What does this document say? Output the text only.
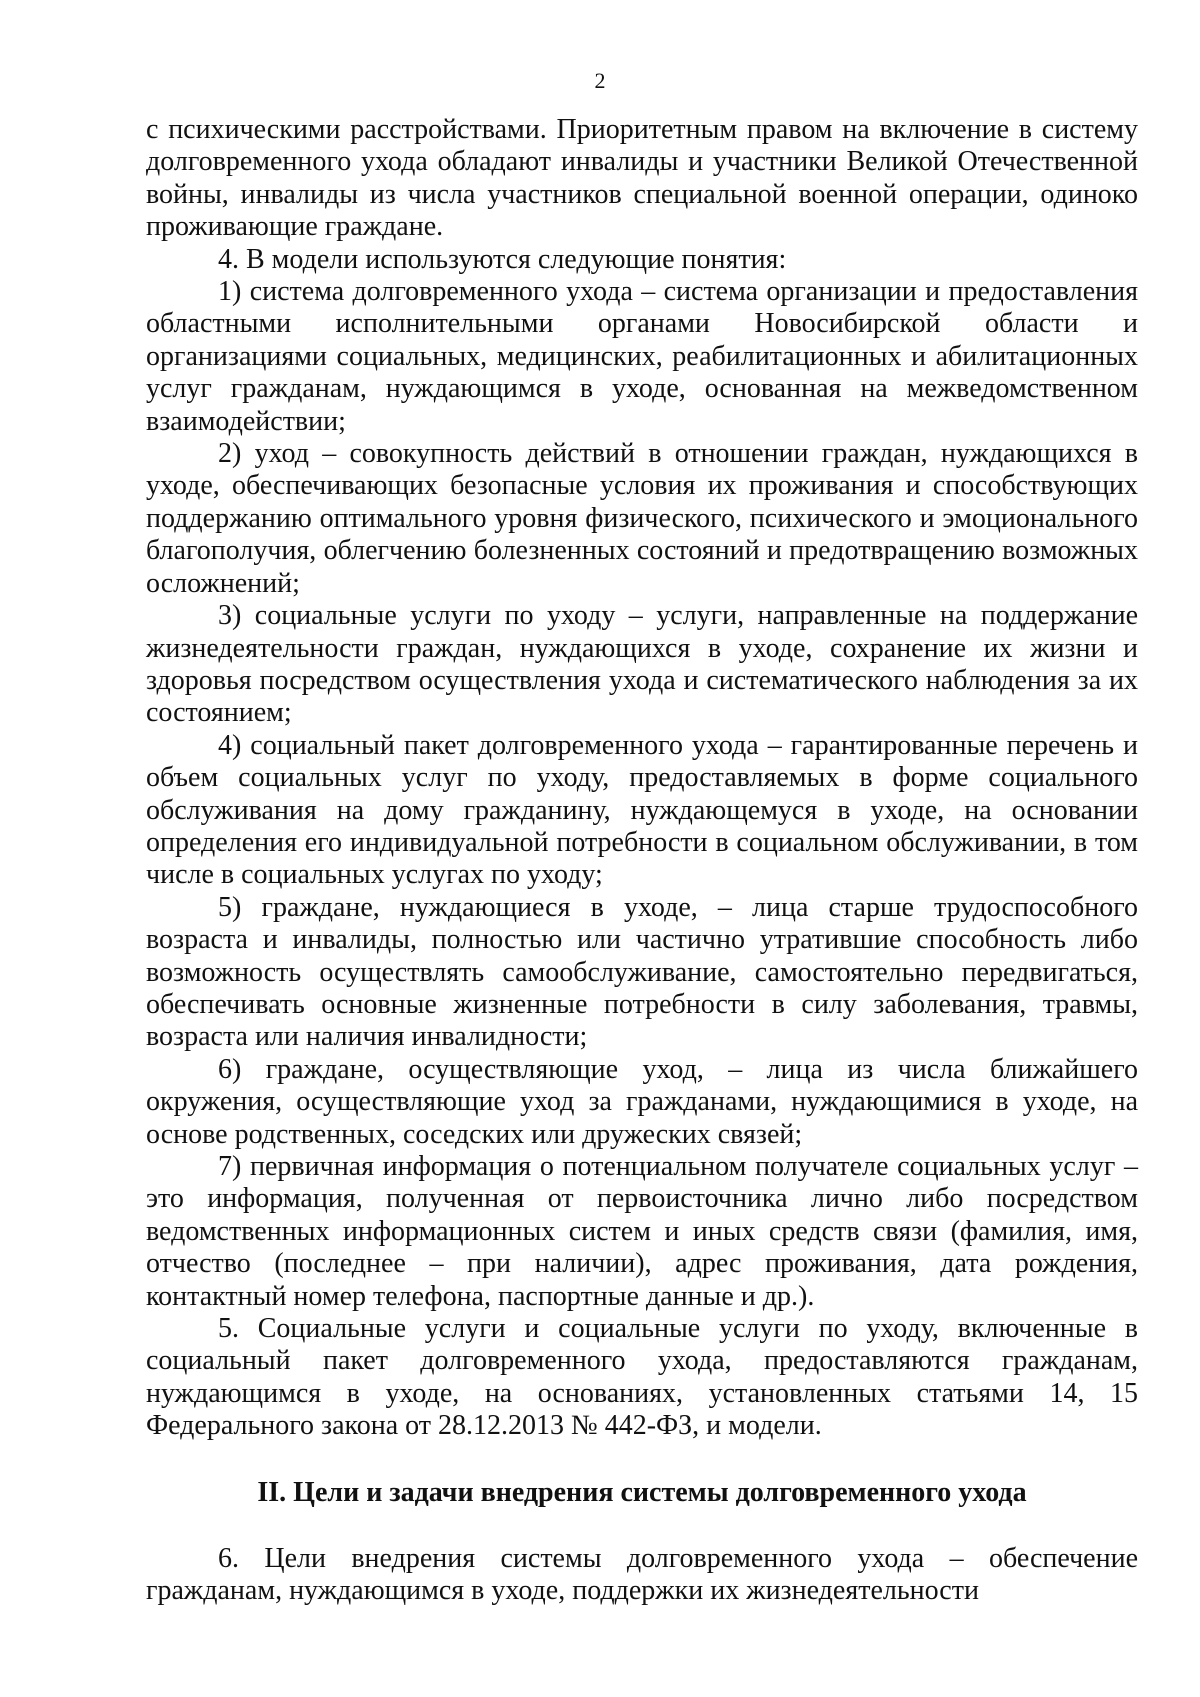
2

с психическими расстройствами. Приоритетным правом на включение в систему долговременного ухода обладают инвалиды и участники Великой Отечественной войны, инвалиды из числа участников специальной военной операции, одиноко проживающие граждане.

4. В модели используются следующие понятия:

1) система долговременного ухода – система организации и предоставления областными исполнительными органами Новосибирской области и организациями социальных, медицинских, реабилитационных и абилитационных услуг гражданам, нуждающимся в уходе, основанная на межведомственном взаимодействии;

2) уход – совокупность действий в отношении граждан, нуждающихся в уходе, обеспечивающих безопасные условия их проживания и способствующих поддержанию оптимального уровня физического, психического и эмоционального благополучия, облегчению болезненных состояний и предотвращению возможных осложнений;

3) социальные услуги по уходу – услуги, направленные на поддержание жизнедеятельности граждан, нуждающихся в уходе, сохранение их жизни и здоровья посредством осуществления ухода и систематического наблюдения за их состоянием;

4) социальный пакет долговременного ухода – гарантированные перечень и объем социальных услуг по уходу, предоставляемых в форме социального обслуживания на дому гражданину, нуждающемуся в уходе, на основании определения его индивидуальной потребности в социальном обслуживании, в том числе в социальных услугах по уходу;

5) граждане, нуждающиеся в уходе, – лица старше трудоспособного возраста и инвалиды, полностью или частично утратившие способность либо возможность осуществлять самообслуживание, самостоятельно передвигаться, обеспечивать основные жизненные потребности в силу заболевания, травмы, возраста или наличия инвалидности;

6) граждане, осуществляющие уход, – лица из числа ближайшего окружения, осуществляющие уход за гражданами, нуждающимися в уходе, на основе родственных, соседских или дружеских связей;

7) первичная информация о потенциальном получателе социальных услуг – это информация, полученная от первоисточника лично либо посредством ведомственных информационных систем и иных средств связи (фамилия, имя, отчество (последнее – при наличии), адрес проживания, дата рождения, контактный номер телефона, паспортные данные и др.).

5. Социальные услуги и социальные услуги по уходу, включенные в социальный пакет долговременного ухода, предоставляются гражданам, нуждающимся в уходе, на основаниях, установленных статьями 14, 15 Федерального закона от 28.12.2013 № 442-ФЗ, и модели.

II. Цели и задачи внедрения системы долговременного ухода

6. Цели внедрения системы долговременного ухода – обеспечение гражданам, нуждающимся в уходе, поддержки их жизнедеятельности
